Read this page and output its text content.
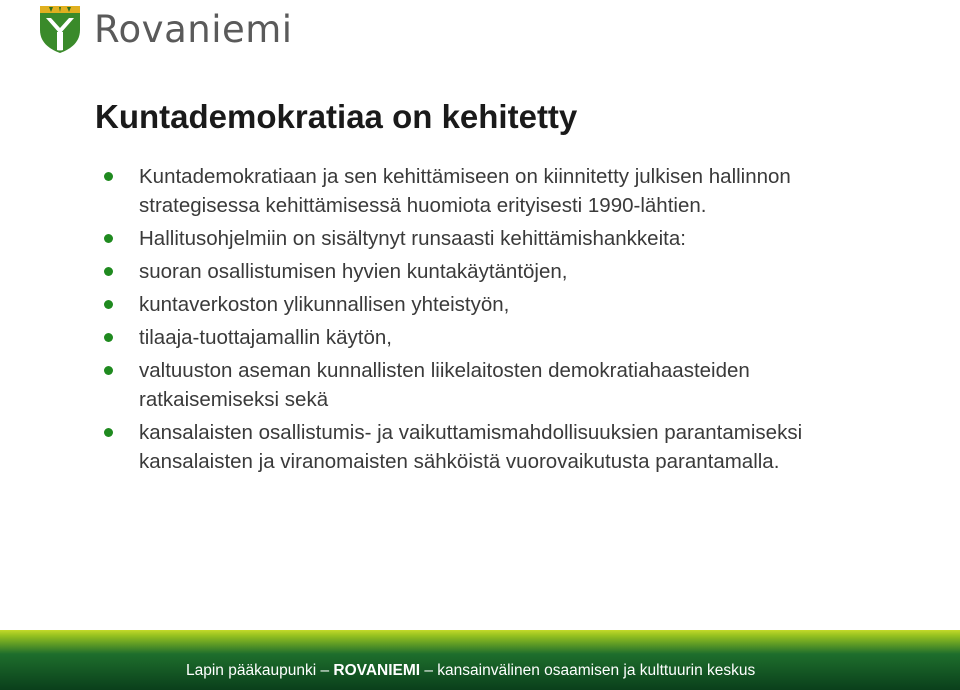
Rovaniemi
Kuntademokratiaa on kehitetty
Kuntademokratiaan ja sen kehittämiseen on kiinnitetty julkisen hallinnon strategisessa kehittämisessä huomiota erityisesti 1990-lähtien.
Hallitusohjelmiin on sisältynyt runsaasti kehittämishankkeita:
suoran osallistumisen hyvien kuntakäytäntöjen,
kuntaverkoston ylikunnallisen yhteistyön,
tilaaja-tuottajamallin käytön,
valtuuston aseman kunnallisten liikelaitosten demokratiahaasteiden ratkaisemiseksi sekä
kansalaisten osallistumis- ja vaikuttamismahdollisuuksien parantamiseksi kansalaisten ja viranomaisten sähköistä vuorovaikutusta parantamalla.
Lapin pääkaupunki – ROVANIEMI – kansainvälinen osaamisen ja kulttuurin keskus
